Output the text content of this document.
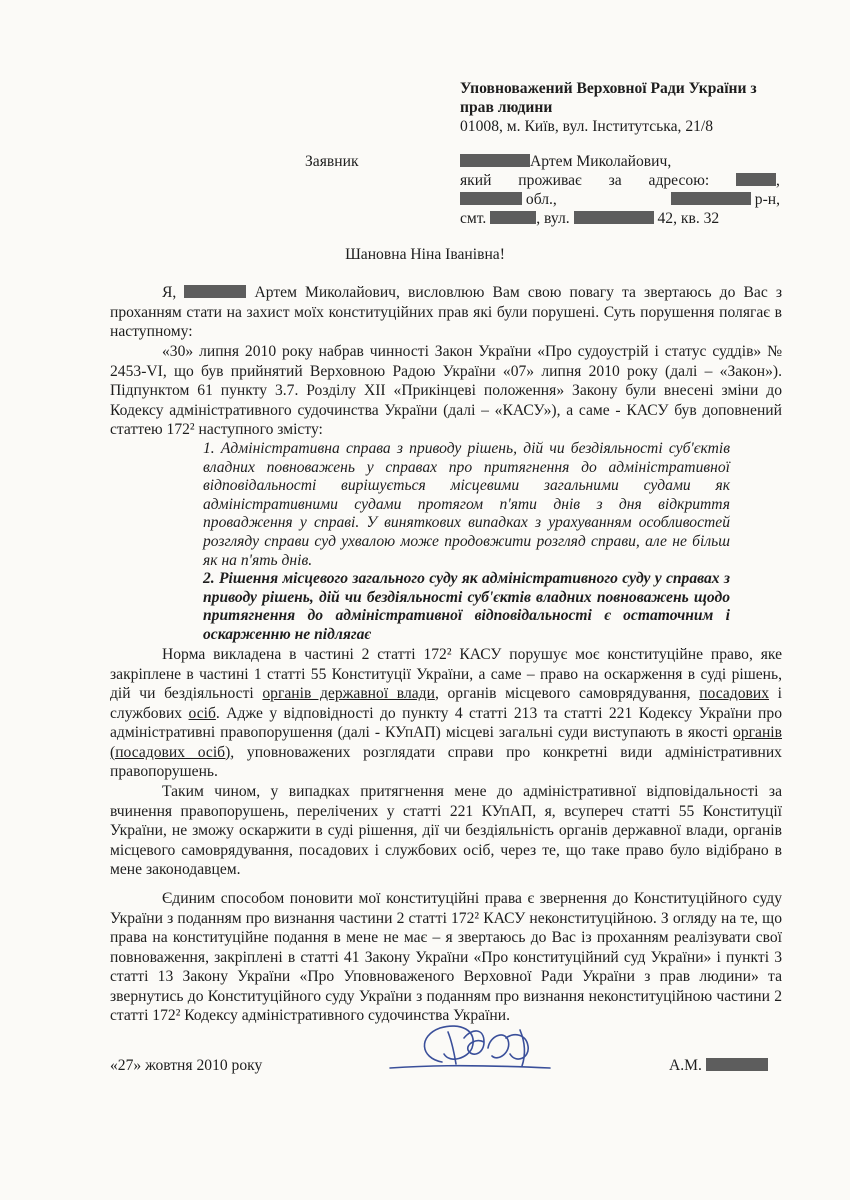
Уповноважений Верховної Ради України з
прав людини
01008, м. Київ, вул. Інститутська, 21/8
Заявник	Артем Миколайович,
який проживає за адресою:	,
обл.,	р-н,
смт.	, вул.	42, кв. 32
Шановна Ніна Іванівна!

Я,	Артем Миколайович, висловлюю Вам свою повагу та звертаюсь до Вас з проханням стати на захист моїх конституційних прав які були порушені. Суть порушення полягає в наступному:

«30» липня 2010 року набрав чинності Закон України «Про судоустрій і статус суддів» № 2453-VI, що був прийнятий Верховною Радою України «07» липня 2010 року (далі – «Закон»). Підпунктом 61 пункту 3.7. Розділу XII «Прикінцеві положення» Закону були внесені зміни до Кодексу адміністративного судочинства України (далі – «КАСУ»), а саме - КАСУ був доповнений статтею 172² наступного змісту:

1. Адміністративна справа з приводу рішень, дій чи бездіяльності суб'єктів владних повноважень у справах про притягнення до адміністративної відповідальності вирішується місцевими загальними судами як адміністративними судами протягом п'яти днів з дня відкриття провадження у справі. У виняткових випадках з урахуванням особливостей розгляду справи суд ухвалою може продовжити розгляд справи, але не більш як на п'ять днів.

2. Рішення місцевого загального суду як адміністративного суду у справах з приводу рішень, дій чи бездіяльності суб'єктів владних повноважень щодо притягнення до адміністративної відповідальності є остаточним і оскарженню не підлягає

Норма викладена в частині 2 статті 172² КАСУ порушує моє конституційне право, яке закріплене в частині 1 статті 55 Конституції України, а саме – право на оскарження в суді рішень, дій чи бездіяльності органів державної влади, органів місцевого самоврядування, посадових і службових осіб. Адже у відповідності до пункту 4 статті 213 та статті 221 Кодексу України про адміністративні правопорушення (далі - КУпАП) місцеві загальні суди виступають в якості органів (посадових осіб), уповноважених розглядати справи про конкретні види адміністративних правопорушень.

Таким чином, у випадках притягнення мене до адміністративної відповідальності за вчинення правопорушень, перелічених у статті 221 КУпАП, я, всупереч статті 55 Конституції України, не зможу оскаржити в суді рішення, дії чи бездіяльність органів державної влади, органів місцевого самоврядування, посадових і службових осіб, через те, що таке право було відібрано в мене законодавцем.

Єдиним способом поновити мої конституційні права є звернення до Конституційного суду України з поданням про визнання частини 2 статті 172² КАСУ неконституційною. З огляду на те, що права на конституційне подання в мене не має – я звертаюсь до Вас із проханням реалізувати свої повноваження, закріплені в статті 41 Закону України «Про конституційний суд України» і пункті 3 статті 13 Закону України «Про Уповноваженого Верховної Ради України з прав людини» та звернутись до Конституційного суду України з поданням про визнання неконституційною частини 2 статті 172² Кодексу адміністративного судочинства України.

«27» жовтня 2010 року	А.М.
